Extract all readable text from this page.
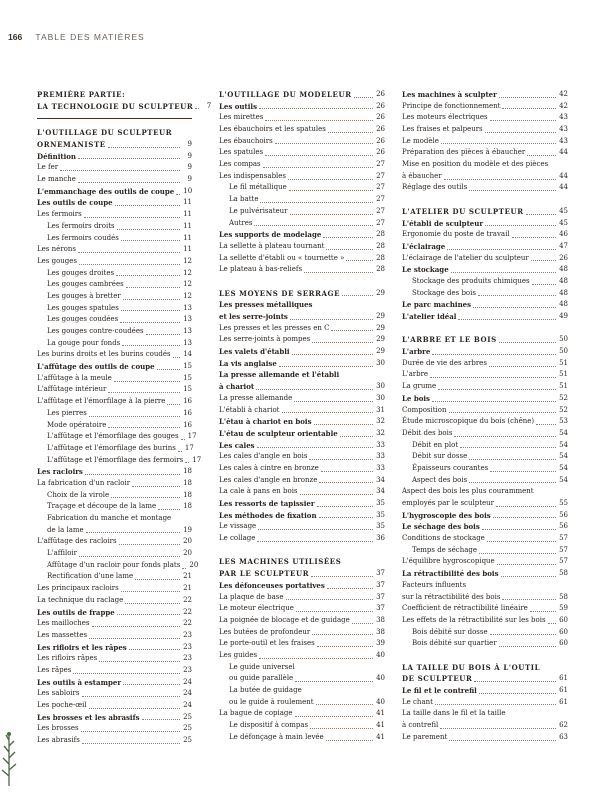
166 TABLE DES MATIÈRES
PREMIÈRE PARTIE:
LA TECHNOLOGIE DU SCULPTEUR	7
L'OUTILLAGE DU SCULPTEUR
ORNEMANISTE	9
Définition	9
Le fer	9
Le manche	9
L'emmanchage des outils de coupe 10
Les outils de coupe	11
Les fermoirs	11
Les fermoirs droits	11
Les fermoirs coudés	11
Les nérons	11
Les gouges	12
Les gouges droites	12
Les gouges cambrées	12
Les gouges à bretter	12
Les gouges spatules	13
Les gouges coudées	13
Les gouges contre-coudées	13
La gouge pour fonds	13
Les burins droits et les burins coudés 14
L'affûtage des outils de coupe	15
L'affûtage à la meule	15
L'affûtage intérieur	15
L'affûtage et l'émorfilage à la pierre	16
Les pierres	16
Mode opératoire	16
L'affûtage et l'émorfilage des gouges 17
L'affûtage et l'émorfilage des burins 17
L'affûtage et l'émorfilage des fermoirs 17
Les racloirs	18
La fabrication d'un racloir	18
Choix de la virole	18
Traçage et découpe de la lame	18
Fabrication du manche et montage
de la lame	19
L'affûtage des racloirs	20
L'affiloir	20
Affûtage d'un racloir pour fonds plats 20
Rectification d'une lame	21
Les principaux racloirs	21
La technique du raclage	22
Les outils de frappe	22
Les mailloches	22
Les massettes	23
Les rifloirs et les râpes	23
Les rifloirs râpes	23
Les râpes	23
Les outils à estamper	24
Les sabloirs	24
Les poche-œil	24
Les brosses et les abrasifs	25
Les brosses	25
Les abrasifs	25
L'OUTILLAGE DU MODELEUR	26
Les outils	26
Les mirettes	26
Les ébauchoirs et les spatules	26
Les ébauchoirs	26
Les spatules	26
Les compas	27
Les indispensables	27
Le fil métallique	27
La batte	27
Le pulvérisateur	27
Autres	27
Les supports de modelage	28
La sellette à plateau tournant	28
La sellette d'établi ou « tournette »	28
Le plateau à bas-reliefs	28
LES MOYENS DE SERRAGE	29
Les presses métalliques
et les serre-joints	29
Les presses et les presses en C	29
Les serre-joints à pompes	29
Les valets d'établi	29
La vis anglaise	30
La presse allemande et l'établi
à chariot	30
La presse allemande	30
L'établi à chariot	31
L'étau à chariot en bois	32
L'étau de sculpteur orientable	32
Les cales	33
Les cales d'angle en bois	33
Les cales à cintre en bronze	33
Les cales d'angle en bronze	34
La cale à pans en bois	34
Les ressorts de tapissier	35
Les méthodes de fixation	35
Le vissage	35
Le collage	36
LES MACHINES UTILISÉES
PAR LE SCULPTEUR	37
Les défonceuses portatives	37
La plaque de base	37
Le moteur électrique	37
La poignée de blocage et de guidage	38
Les butées de profondeur	38
Le porte-outil et les fraises	39
Les guides	40
Le guide universel
ou guide parallèle	40
La butée de guidage
ou le guide à roulement	40
La bague de copiage	41
Le dispositif à compas	41
Le défonçage à main levée	41
Les machines à sculpter	42
Principe de fonctionnement	42
Les moteurs électriques	43
Les fraises et palpeurs	43
Le modèle	43
Préparation des pièces à ébaucher	44
Mise en position du modèle et des pièces
à ébaucher	44
Réglage des outils	44
L'ATELIER DU SCULPTEUR	45
L'établi de sculpteur	45
Ergonomie du poste de travail	46
L'éclairage	47
L'éclairage de l'atelier du sculpteur	26
Le stockage	48
Stockage des produits chimiques	48
Stockage des bois	48
Le parc machines	48
L'atelier idéal	49
L'ARBRE ET LE BOIS	50
L'arbre	50
Durée de vie des arbres	51
L'arbre	51
La grume	51
Le bois	52
Composition	52
Étude microscopique du bois (chêne)	53
Débit des bois	54
Débit en plot	54
Débit sur dosse	54
Épaisseurs courantes	54
Aspect des bois	54
Aspect des bois les plus couramment
employés par le sculpteur	55
L'hygroscopie des bois	56
Le séchage des bois	56
Conditions de stockage	57
Temps de séchage	57
L'équilibre hygroscopique	57
La rétractibilité des bois	58
Facteurs influents
sur la rétractibilité des bois	58
Coefficient de rétractibilité linéaire	59
Les effets de la rétractibilité sur les bois 60
Bois débité sur dosse	60
Bois débité sur quartier	60
LA TAILLE DU BOIS À L'OUTIL
DE SCULPTEUR	61
Le fil et le contrefil	61
Le chant	61
La taille dans le fil et la taille
à contrefil	62
Le parement	63
